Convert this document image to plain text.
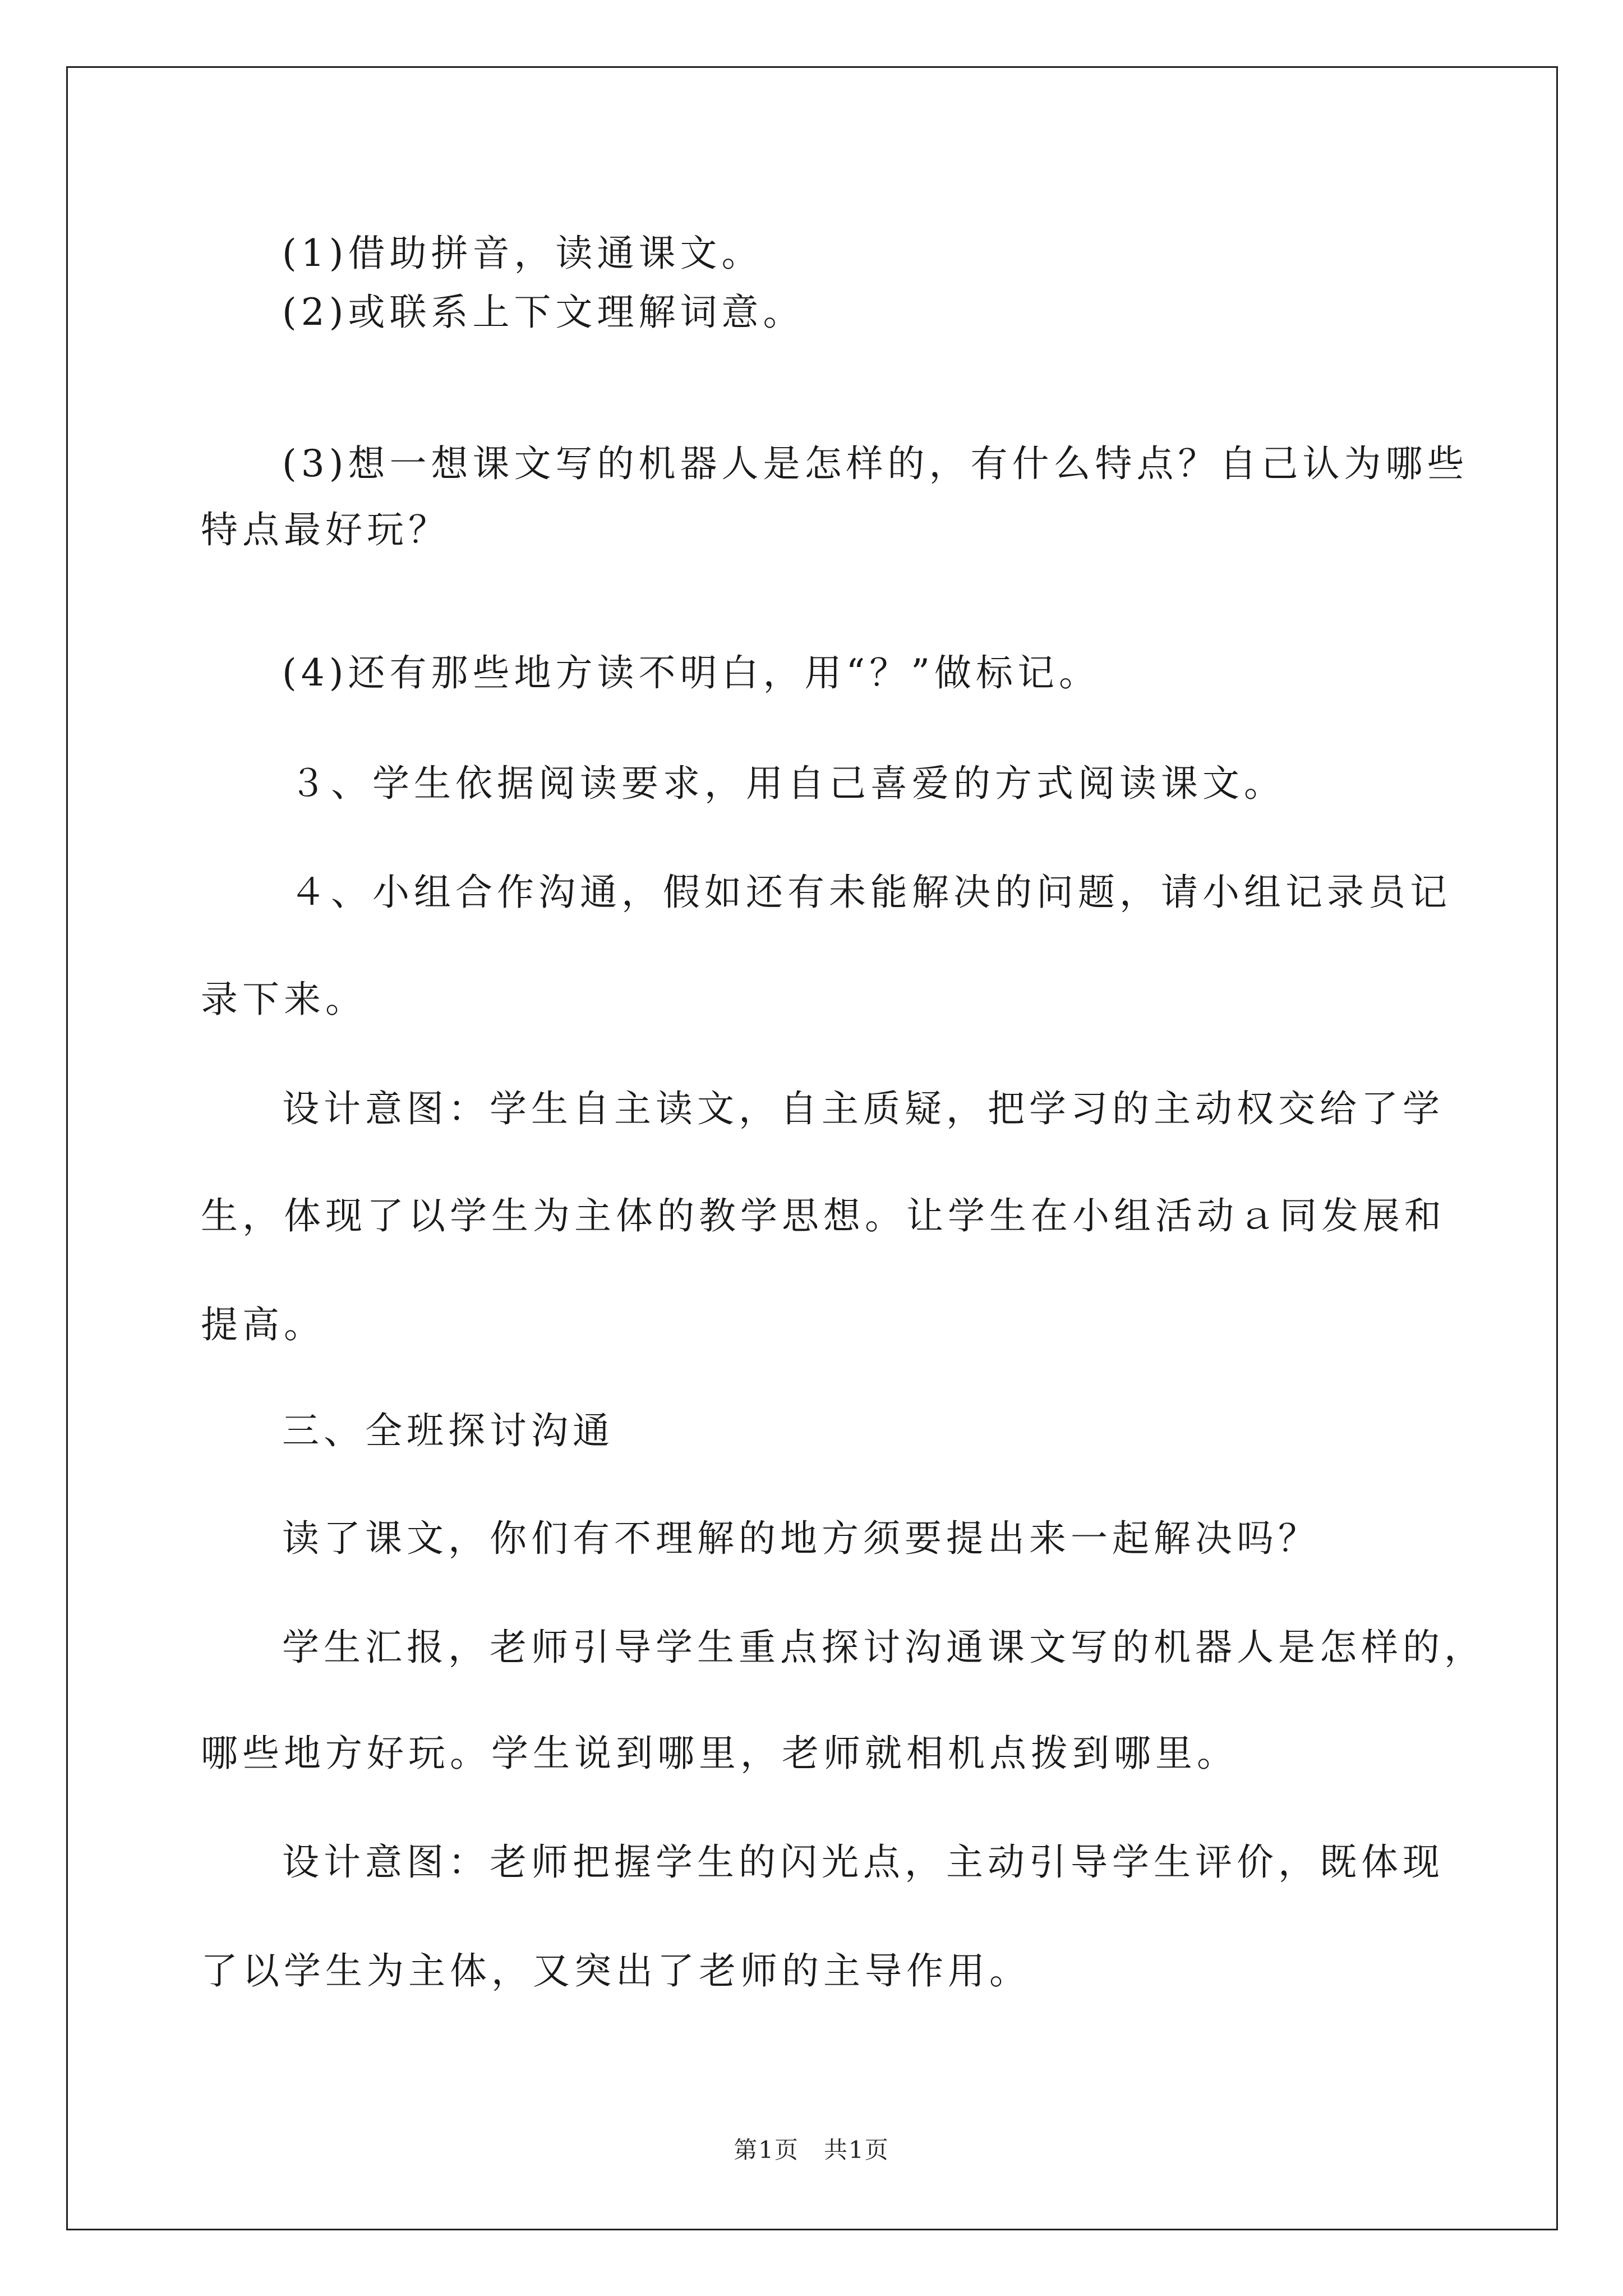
(1)借助拼音，读通课文。
(2)或联系上下文理解词意。
(3)想一想课文写的机器人是怎样的，有什么特点？自己认为哪些
特点最好玩？
(4)还有那些地方读不明白，用“？”做标记。
３、学生依据阅读要求，用自己喜爱的方式阅读课文。
４、小组合作沟通，假如还有未能解决的问题，请小组记录员记
录下来。
设计意图：学生自主读文，自主质疑，把学习的主动权交给了学
生，体现了以学生为主体的教学思想。让学生在小组活动ａ同发展和
提高。
三、全班探讨沟通
读了课文，你们有不理解的地方须要提出来一起解决吗？
学生汇报，老师引导学生重点探讨沟通课文写的机器人是怎样的，
哪些地方好玩。学生说到哪里，老师就相机点拨到哪里。
设计意图：老师把握学生的闪光点，主动引导学生评价，既体现
了以学生为主体，又突出了老师的主导作用。
第1页 共1页
